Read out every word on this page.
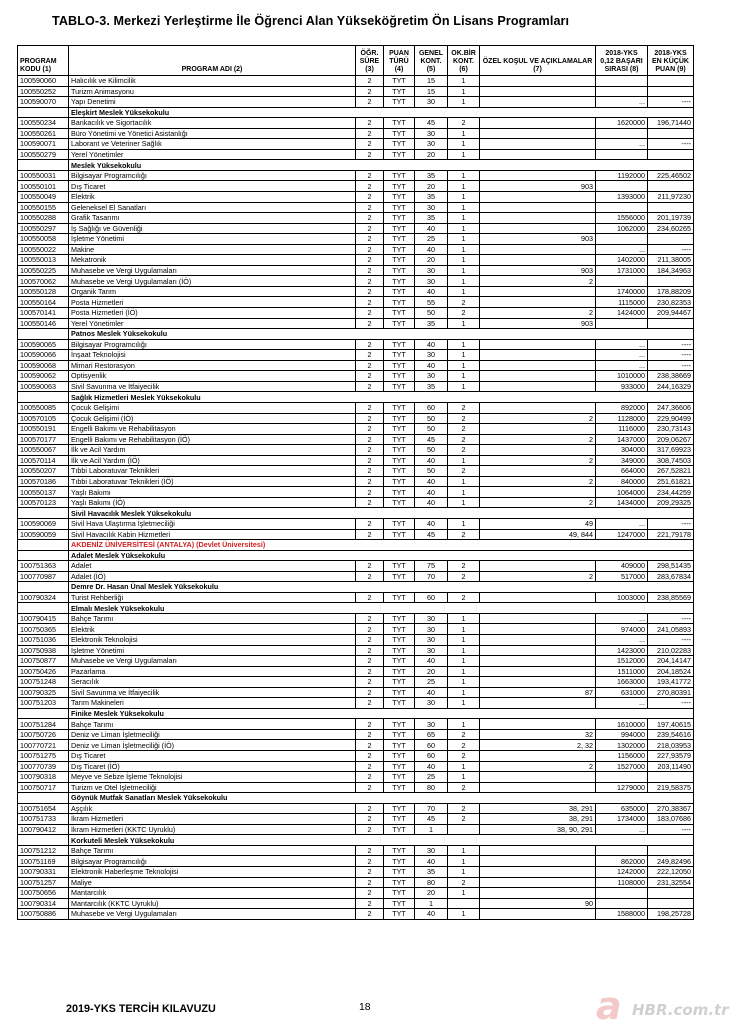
TABLO-3. Merkezi Yerleştirme İle Öğrenci Alan Yükseköğretim Ön Lisans Programları
PROGRAM KODU (1)	PROGRAM ADI (2)	ÖĞR. SÜRE (3)	PUAN TÜRÜ (4)	GENEL KONT. (5)	OK.BİR KONT. (6)	ÖZEL KOŞUL VE AÇIKLAMALAR (7)	2018-YKS 0,12 BAŞARI SIRASI (8)	2018-YKS EN KÜÇÜK PUAN (9)
100590060	Halıcılık ve Kilimcilik	2	TYT	15	1			
100550252	Turizm Animasyonu	2	TYT	15	1			
100590070	Yapı Denetimi	2	TYT	30	1		...	----
	Eleşkirt Meslek Yüksekokulu							
100550234	Bankacılık ve Sigortacılık	2	TYT	45	2		1620000	196,71440
100550261	Büro Yönetimi ve Yönetici Asistanlığı	2	TYT	30	1			
100590071	Laborant ve Veteriner Sağlık	2	TYT	30	1		...	----
100550279	Yerel Yönetimler	2	TYT	20	1			
	Meslek Yüksekokulu							
100550031	Bilgisayar Programcılığı	2	TYT	35	1		1192000	225,46502
100550101	Dış Ticaret	2	TYT	20	1	903		
100550049	Elektrik	2	TYT	35	1		1393000	211,97230
100550155	Geleneksel El Sanatları	2	TYT	30	1			
100550288	Grafik Tasarımı	2	TYT	35	1		1556000	201,19739
100550297	İş Sağlığı ve Güvenliği	2	TYT	40	1		1062000	234,60265
100550058	İşletme Yönetimi	2	TYT	25	1	903		
100550022	Makine	2	TYT	40	1		...	----
100550013	Mekatronik	2	TYT	20	1		1402000	211,38005
100550225	Muhasebe ve Vergi Uygulamaları	2	TYT	30	1	903	1731000	184,34963
100570062	Muhasebe ve Vergi Uygulamaları (İÖ)	2	TYT	30	1	2		
100550128	Organik Tarım	2	TYT	40	1		1740000	178,88209
100550164	Posta Hizmetleri	2	TYT	55	2		1115000	230,82353
100570141	Posta Hizmetleri (İÖ)	2	TYT	50	2	2	1424000	209,94467
100550146	Yerel Yönetimler	2	TYT	35	1	903		
	Patnos Meslek Yüksekokulu							
100590065	Bilgisayar Programcılığı	2	TYT	40	1		...	----
100590066	İnşaat Teknolojisi	2	TYT	30	1		...	----
100590068	Mimari Restorasyon	2	TYT	40	1		...	----
100590062	Optisyenlik	2	TYT	30	1		1010000	238,38669
100590063	Sivil Savunma ve İtfaiyecilik	2	TYT	35	1		933000	244,16329
	Sağlık Hizmetleri Meslek Yüksekokulu							
100550085	Çocuk Gelişimi	2	TYT	60	2		892000	247,36606
100570105	Çocuk Gelişimi (İÖ)	2	TYT	50	2	2	1128000	229,90499
100550191	Engelli Bakımı ve Rehabilitasyon	2	TYT	50	2		1116000	230,73143
100570177	Engelli Bakımı ve Rehabilitasyon (İÖ)	2	TYT	45	2	2	1437000	209,06267
100550067	İlk ve Acil Yardım	2	TYT	50	2		304000	317,69923
100570114	İlk ve Acil Yardım (İÖ)	2	TYT	40	1	2	349000	308,74503
100550207	Tıbbi Laboratuvar Teknikleri	2	TYT	50	2		664000	267,52821
100570186	Tıbbi Laboratuvar Teknikleri (İÖ)	2	TYT	40	1	2	840000	251,61821
100550137	Yaşlı Bakımı	2	TYT	40	1		1064000	234,44259
100570123	Yaşlı Bakımı (İÖ)	2	TYT	40	1	2	1434000	209,29325
	Sivil Havacılık Meslek Yüksekokulu							
100590069	Sivil Hava Ulaştırma İşletmeciliği	2	TYT	40	1	49	...	----
100590059	Sivil Havacılık Kabin Hizmetleri	2	TYT	45	2	49, 844	1247000	221,79178
	AKDENİZ ÜNİVERSİTESİ (ANTALYA) (Devlet Üniversitesi)							
	Adalet Meslek Yüksekokulu							
100751363	Adalet	2	TYT	75	2		409000	298,51435
100770987	Adalet (İÖ)	2	TYT	70	2	2	517000	283,67834
	Demre Dr. Hasan Ünal Meslek Yüksekokulu							
100790324	Turist Rehberliği	2	TYT	60	2		1003000	238,85569
	Elmalı Meslek Yüksekokulu							
100790415	Bahçe Tarımı	2	TYT	30	1		...	----
100750365	Elektrik	2	TYT	30	1		974000	241,05893
100751036	Elektronik Teknolojisi	2	TYT	30	1		...	----
100750938	İşletme Yönetimi	2	TYT	30	1		1423000	210,02283
100750877	Muhasebe ve Vergi Uygulamaları	2	TYT	40	1		1512000	204,14147
100750426	Pazarlama	2	TYT	20	1		1511000	204,18524
100751248	Seracılık	2	TYT	25	1		1663000	193,41772
100790325	Sivil Savunma ve İtfaiyecilik	2	TYT	40	1	87	631000	270,80391
100751203	Tarım Makineleri	2	TYT	30	1		...	----
	Finike Meslek Yüksekokulu							
100751284	Bahçe Tarımı	2	TYT	30	1		1610000	197,40615
100750726	Deniz ve Liman İşletmeciliği	2	TYT	65	2	32	994000	239,54616
100770721	Deniz ve Liman İşletmeciliği (İÖ)	2	TYT	60	2	2, 32	1302000	218,03953
100751275	Dış Ticaret	2	TYT	60	2		1156000	227,93579
100770739	Dış Ticaret (İÖ)	2	TYT	40	1	2	1527000	203,11490
100790318	Meyve ve Sebze İşleme Teknolojisi	2	TYT	25	1			
100750717	Turizm ve Otel İşletmeciliği	2	TYT	80	2		1279000	219,58375
	Göynük Mutfak Sanatları Meslek Yüksekokulu							
100751654	Aşçılık	2	TYT	70	2	38, 291	635000	270,38367
100751733	İkram Hizmetleri	2	TYT	45	2	38, 291	1734000	183,07686
100790412	İkram Hizmetleri (KKTC Uyruklu)	2	TYT	1		38, 90, 291	...	----
	Korkuteli Meslek Yüksekokulu							
100751212	Bahçe Tarımı	2	TYT	30	1			
100751169	Bilgisayar Programcılığı	2	TYT	40	1		862000	249,82496
100790331	Elektronik Haberleşme Teknolojisi	2	TYT	35	1		1242000	222,12050
100751257	Maliye	2	TYT	80	2		1108000	231,32554
100750656	Mantarcılık	2	TYT	20	1			
100790314	Mantarcılık (KKTC Uyruklu)	2	TYT	1		90		
100750886	Muhasebe ve Vergi Uygulamaları	2	TYT	40	1		1588000	198,25728
2019-YKS TERCİH KILAVUZU	18	a HBR.com.tr
